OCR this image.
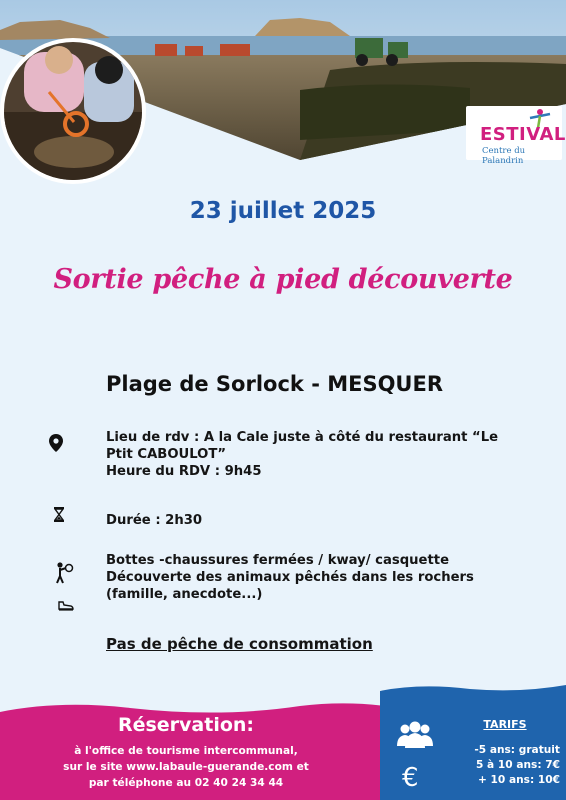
ESTIVAL
Centre du Palandrin
23 juillet 2025
Sortie pêche à pied découverte
Plage de Sorlock - MESQUER

Lieu de rdv : A la Cale juste à côté du restaurant “Le Ptit CABOULOT”

Heure du RDV : 9h45

Durée : 2h30

Bottes -chaussures fermées / kway/ casquette

Découverte des animaux pêchés dans les rochers (famille, anecdote...)

Pas de pêche de consommation
Réservation:

à l'office de tourisme intercommunal,

sur le site www.labaule-guerande.com et

par téléphone au 02 40 24 34 44	€
TARIFS

-5 ans: gratuit

5 à 10 ans: 7€

+ 10 ans: 10€
